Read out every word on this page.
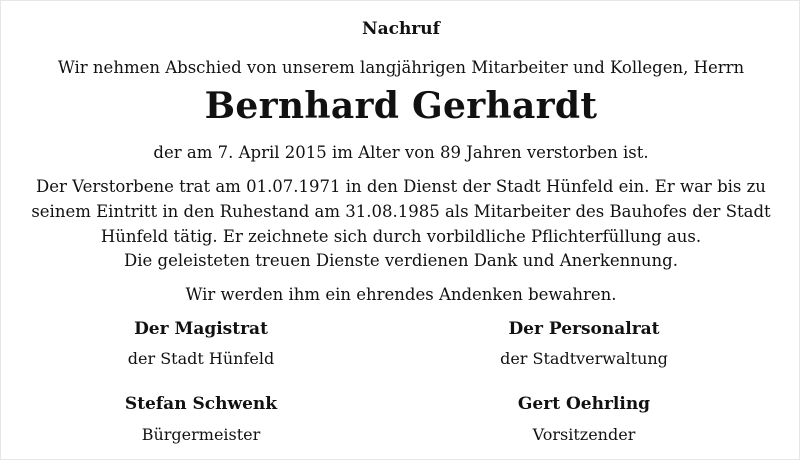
Nachruf
Wir nehmen Abschied von unserem langjährigen Mitarbeiter und Kollegen, Herrn
Bernhard Gerhardt
der am 7. April 2015 im Alter von 89 Jahren verstorben ist.
Der Verstorbene trat am 01.07.1971 in den Dienst der Stadt Hünfeld ein. Er war bis zu
seinem Eintritt in den Ruhestand am 31.08.1985 als Mitarbeiter des Bauhofes der Stadt
Hünfeld tätig. Er zeichnete sich durch vorbildliche Pflichterfüllung aus.
Die geleisteten treuen Dienste verdienen Dank und Anerkennung.
Wir werden ihm ein ehrendes Andenken bewahren.
Der Magistrat
der Stadt Hünfeld
Stefan Schwenk
Bürgermeister
Der Personalrat
der Stadtverwaltung
Gert Oehrling
Vorsitzender
